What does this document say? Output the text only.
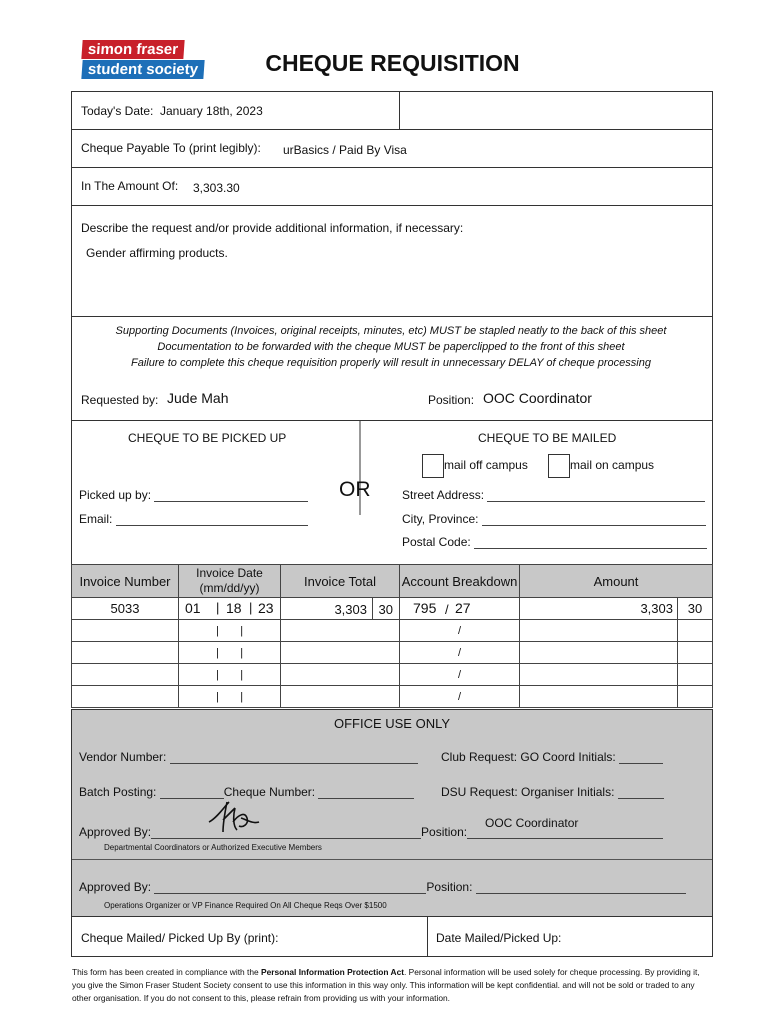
simon fraser
student society	CHEQUE REQUISITION
Today's Date: January 18th, 2023
Cheque Payable To (print legibly): urBasics / Paid By Visa
In The Amount Of: 3,303.30
Describe the request and/or provide additional information, if necessary:
Gender affirming products.
Supporting Documents (Invoices, original receipts, minutes, etc) MUST be stapled neatly to the back of this sheet
Documentation to be forwarded with the cheque MUST be paperclipped to the front of this sheet
Failure to complete this cheque requisition properly will result in unnecessary DELAY of cheque processing
Requested by: Jude Mah	Position: OOC Coordinator
CHEQUE TO BE PICKED UP	CHEQUE TO BE MAILED
mail off campus	mail on campus
Picked up by:	OR
Email:
Street Address:
City, Province:
Postal Code:
Invoice Number	Invoice Date (mm/dd/yy)	Invoice Total	Account Breakdown	Amount	
5033	01 | 18 | 23	3,303 30	795 / 27	3,303	30
	|       |		/		
	|       |		/		
	|       |		/		
	|       |		/		
OFFICE USE ONLY
Vendor Number:	Club Request: GO Coord Initials:
Batch Posting:	Cheque Number:	DSU Request: Organiser Initials:
Approved By:	Position:
OOC Coordinator
Departmental Coordinators or Authorized Executive Members
Approved By:	Position:
Operations Organizer or VP Finance Required On All Cheque Reqs Over $1500
Cheque Mailed/ Picked Up By (print):	Date Mailed/Picked Up:
This form has been created in compliance with the Personal Information Protection Act. Personal information will be used solely for cheque processing. By providing it, you give the Simon Fraser Student Society consent to use this information in this way only. This information will be kept confidential. and will not be sold or traded to any other organisation. If you do not consent to this, please refrain from providing us with your information.
